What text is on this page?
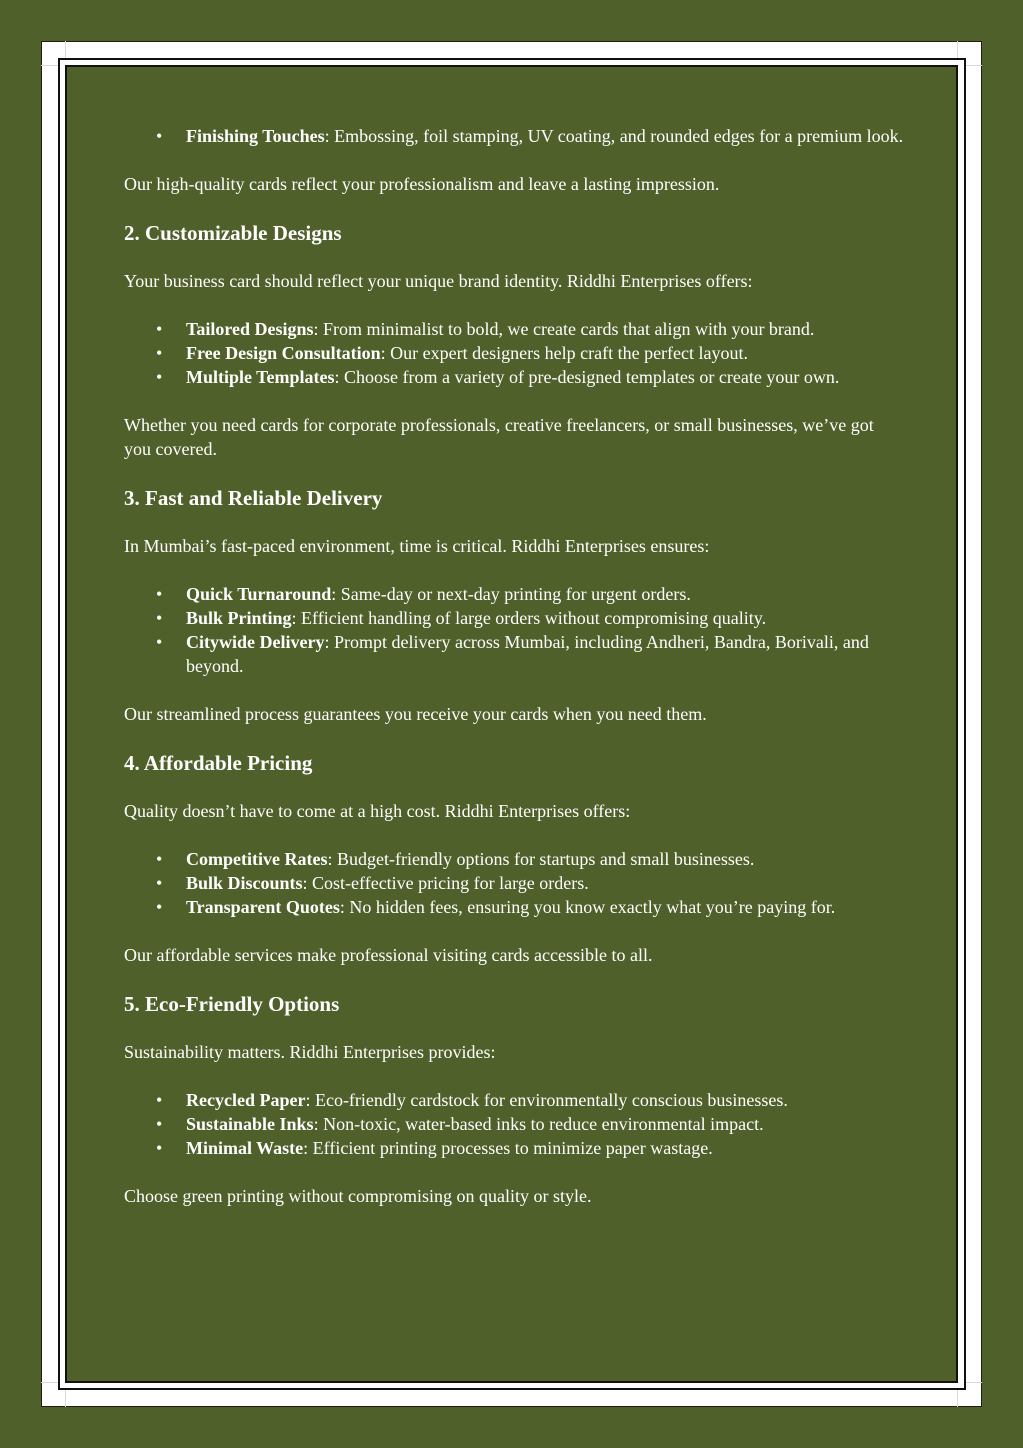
• Finishing Touches: Embossing, foil stamping, UV coating, and rounded edges for a premium look.

Our high-quality cards reflect your professionalism and leave a lasting impression.

2. Customizable Designs

Your business card should reflect your unique brand identity. Riddhi Enterprises offers:

• Tailored Designs: From minimalist to bold, we create cards that align with your brand.
• Free Design Consultation: Our expert designers help craft the perfect layout.
• Multiple Templates: Choose from a variety of pre-designed templates or create your own.

Whether you need cards for corporate professionals, creative freelancers, or small businesses, we’ve got you covered.

3. Fast and Reliable Delivery

In Mumbai’s fast-paced environment, time is critical. Riddhi Enterprises ensures:

• Quick Turnaround: Same-day or next-day printing for urgent orders.
• Bulk Printing: Efficient handling of large orders without compromising quality.
• Citywide Delivery: Prompt delivery across Mumbai, including Andheri, Bandra, Borivali, and beyond.

Our streamlined process guarantees you receive your cards when you need them.

4. Affordable Pricing

Quality doesn’t have to come at a high cost. Riddhi Enterprises offers:

• Competitive Rates: Budget-friendly options for startups and small businesses.
• Bulk Discounts: Cost-effective pricing for large orders.
• Transparent Quotes: No hidden fees, ensuring you know exactly what you’re paying for.

Our affordable services make professional visiting cards accessible to all.

5. Eco-Friendly Options

Sustainability matters. Riddhi Enterprises provides:

• Recycled Paper: Eco-friendly cardstock for environmentally conscious businesses.
• Sustainable Inks: Non-toxic, water-based inks to reduce environmental impact.
• Minimal Waste: Efficient printing processes to minimize paper wastage.

Choose green printing without compromising on quality or style.
